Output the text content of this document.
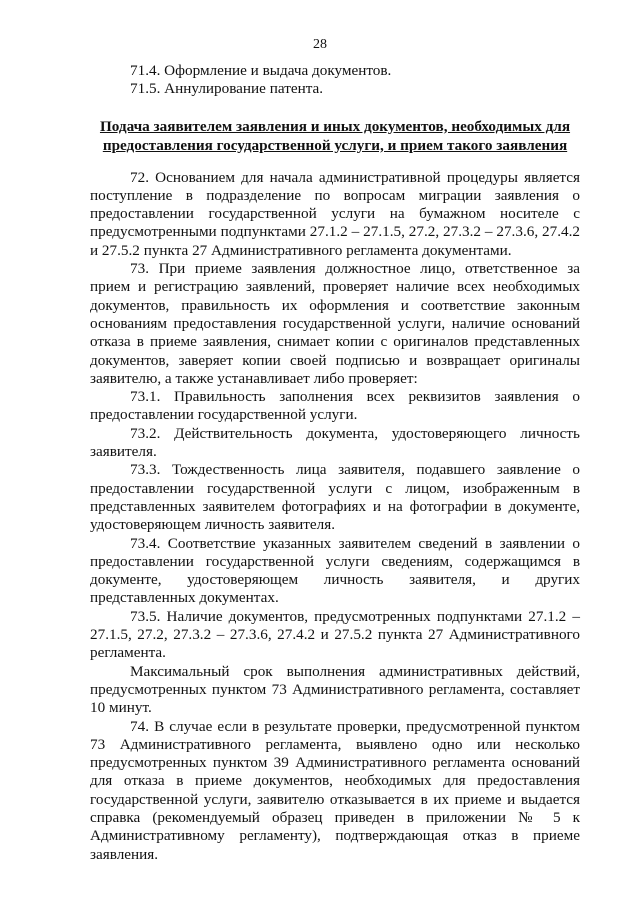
28

71.4. Оформление и выдача документов.

71.5. Аннулирование патента.

Подача заявителем заявления и иных документов, необходимых для предоставления государственной услуги, и прием такого заявления

72. Основанием для начала административной процедуры является поступление в подразделение по вопросам миграции заявления о предоставлении государственной услуги на бумажном носителе с предусмотренными подпунктами 27.1.2 – 27.1.5, 27.2, 27.3.2 – 27.3.6, 27.4.2 и 27.5.2 пункта 27 Административного регламента документами.

73. При приеме заявления должностное лицо, ответственное за прием и регистрацию заявлений, проверяет наличие всех необходимых документов, правильность их оформления и соответствие законным основаниям предоставления государственной услуги, наличие оснований отказа в приеме заявления, снимает копии с оригиналов представленных документов, заверяет копии своей подписью и возвращает оригиналы заявителю, а также устанавливает либо проверяет:

73.1. Правильность заполнения всех реквизитов заявления о предоставлении государственной услуги.

73.2. Действительность документа, удостоверяющего личность заявителя.

73.3. Тождественность лица заявителя, подавшего заявление о предоставлении государственной услуги с лицом, изображенным в представленных заявителем фотографиях и на фотографии в документе, удостоверяющем личность заявителя.

73.4. Соответствие указанных заявителем сведений в заявлении о предоставлении государственной услуги сведениям, содержащимся в документе, удостоверяющем личность заявителя, и других представленных документах.

73.5. Наличие документов, предусмотренных подпунктами 27.1.2 – 27.1.5, 27.2, 27.3.2 – 27.3.6, 27.4.2 и 27.5.2 пункта 27 Административного регламента.

Максимальный срок выполнения административных действий, предусмотренных пунктом 73 Административного регламента, составляет 10 минут.

74. В случае если в результате проверки, предусмотренной пунктом 73 Административного регламента, выявлено одно или несколько предусмотренных пунктом 39 Административного регламента оснований для отказа в приеме документов, необходимых для предоставления государственной услуги, заявителю отказывается в их приеме и выдается справка (рекомендуемый образец приведен в приложении № 5 к Административному регламенту), подтверждающая отказ в приеме заявления.
